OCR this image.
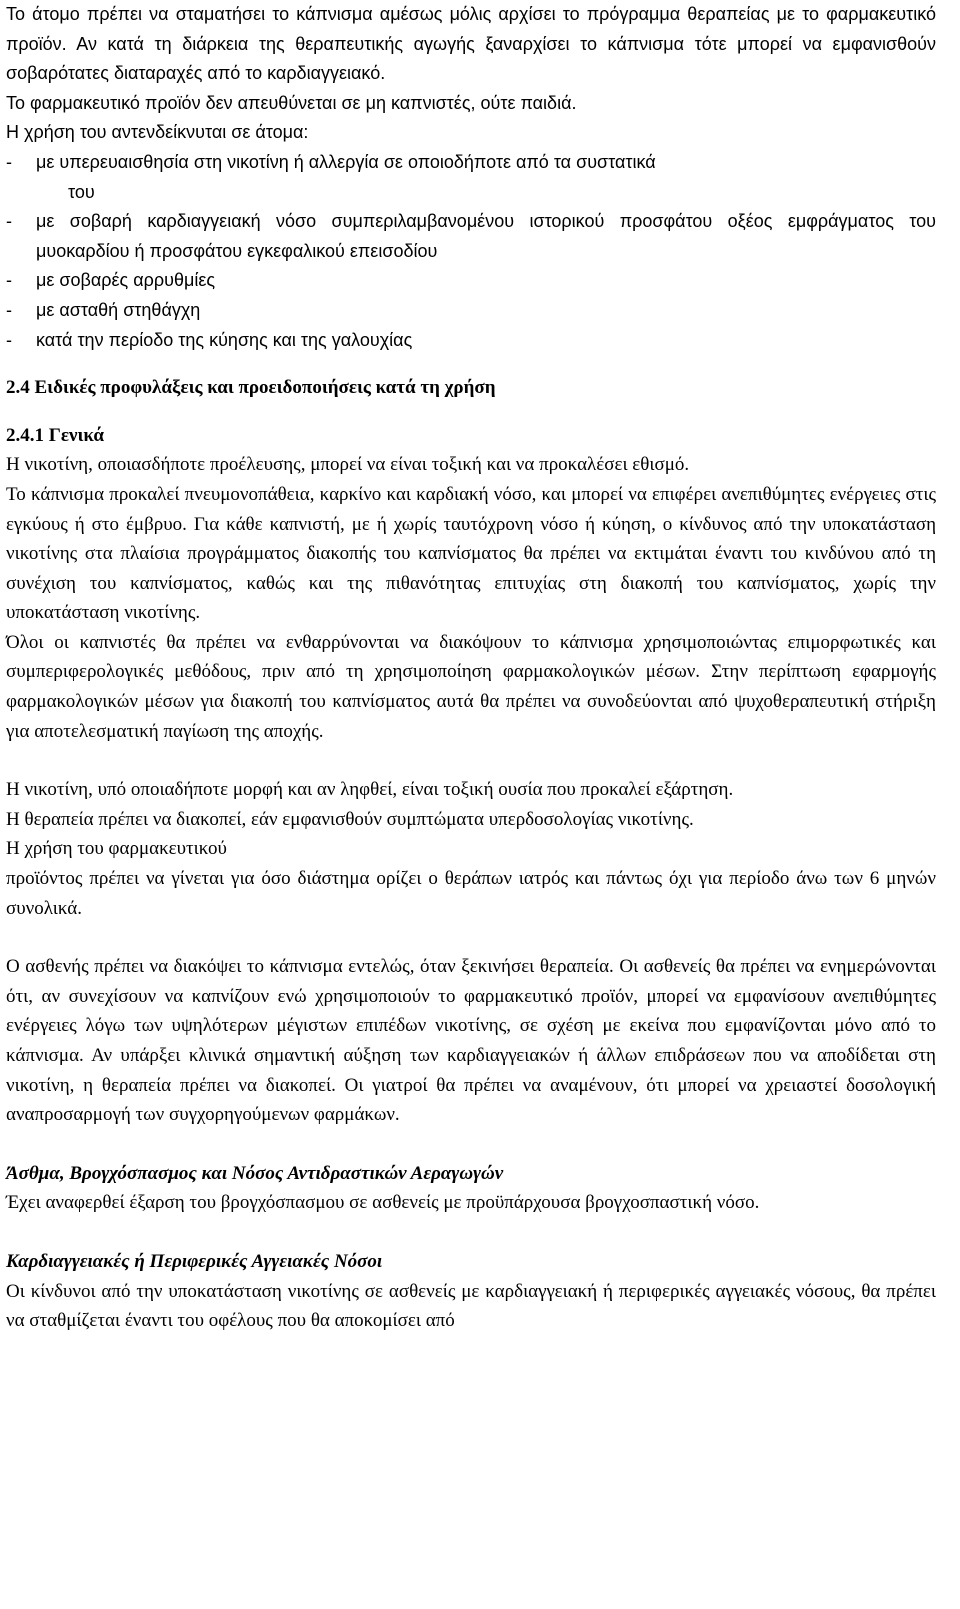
Το άτομο πρέπει να σταματήσει το κάπνισμα αμέσως μόλις αρχίσει το πρόγραμμα θεραπείας με το φαρμακευτικό προϊόν. Αν κατά τη διάρκεια της θεραπευτικής αγωγής ξαναρχίσει το κάπνισμα τότε μπορεί να εμφανισθούν σοβαρότατες διαταραχές από το καρδιαγγειακό.

Το φαρμακευτικό προϊόν δεν απευθύνεται σε μη καπνιστές, ούτε παιδιά.

Η χρήση του αντενδείκνυται σε άτομα:

- με υπερευαισθησία στη νικοτίνη ή αλλεργία σε οποιοδήποτε από τα συστατικά
του
- με σοβαρή καρδιαγγειακή νόσο συμπεριλαμβανομένου ιστορικού προσφάτου οξέος εμφράγματος του μυοκαρδίου ή προσφάτου εγκεφαλικού επεισοδίου
- με σοβαρές αρρυθμίες
- με ασταθή στηθάγχη
- κατά την περίοδο της κύησης και της γαλουχίας

2.4 Ειδικές προφυλάξεις και προειδοποιήσεις κατά τη χρήση

2.4.1 Γενικά

Η νικοτίνη, οποιασδήποτε προέλευσης, μπορεί να είναι τοξική και να προκαλέσει εθισμό.

Το κάπνισμα προκαλεί πνευμονοπάθεια, καρκίνο και καρδιακή νόσο, και μπορεί να επιφέρει ανεπιθύμητες ενέργειες στις εγκύους ή στο έμβρυο. Για κάθε καπνιστή, με ή χωρίς ταυτόχρονη νόσο ή κύηση, ο κίνδυνος από την υποκατάσταση νικοτίνης στα πλαίσια προγράμματος διακοπής του καπνίσματος θα πρέπει να εκτιμάται έναντι του κινδύνου από τη συνέχιση του καπνίσματος, καθώς και της πιθανότητας επιτυχίας στη διακοπή του καπνίσματος, χωρίς την υποκατάσταση νικοτίνης.

Όλοι οι καπνιστές θα πρέπει να ενθαρρύνονται να διακόψουν το κάπνισμα χρησιμοποιώντας επιμορφωτικές και συμπεριφερολογικές μεθόδους, πριν από τη χρησιμοποίηση φαρμακολογικών μέσων. Στην περίπτωση εφαρμογής φαρμακολογικών μέσων για διακοπή του καπνίσματος αυτά θα πρέπει να συνοδεύονται από ψυχοθεραπευτική στήριξη για αποτελεσματική παγίωση της αποχής.

Η νικοτίνη, υπό οποιαδήποτε μορφή και αν ληφθεί, είναι τοξική ουσία που προκαλεί εξάρτηση.

Η θεραπεία πρέπει να διακοπεί, εάν εμφανισθούν συμπτώματα υπερδοσολογίας νικοτίνης.

Η χρήση του φαρμακευτικού

προϊόντος πρέπει να γίνεται για όσο διάστημα ορίζει ο θεράπων ιατρός και πάντως όχι για περίοδο άνω των 6 μηνών συνολικά.

Ο ασθενής πρέπει να διακόψει το κάπνισμα εντελώς, όταν ξεκινήσει θεραπεία. Οι ασθενείς θα πρέπει να ενημερώνονται ότι, αν συνεχίσουν να καπνίζουν ενώ χρησιμοποιούν το φαρμακευτικό προϊόν, μπορεί να εμφανίσουν ανεπιθύμητες ενέργειες λόγω των υψηλότερων μέγιστων επιπέδων νικοτίνης, σε σχέση με εκείνα που εμφανίζονται μόνο από το κάπνισμα. Αν υπάρξει κλινικά σημαντική αύξηση των καρδιαγγειακών ή άλλων επιδράσεων που να αποδίδεται στη νικοτίνη, η θεραπεία πρέπει να διακοπεί. Οι γιατροί θα πρέπει να αναμένουν, ότι μπορεί να χρειαστεί δοσολογική αναπροσαρμογή των συγχορηγούμενων φαρμάκων.

Άσθμα, Βρογχόσπασμος και Νόσος Αντιδραστικών Αεραγωγών

Έχει αναφερθεί έξαρση του βρογχόσπασμου σε ασθενείς με προϋπάρχουσα βρογχοσπαστική νόσο.

Καρδιαγγειακές ή Περιφερικές Αγγειακές Νόσοι

Οι κίνδυνοι από την υποκατάσταση νικοτίνης σε ασθενείς με καρδιαγγειακή ή περιφερικές αγγειακές νόσους, θα πρέπει να σταθμίζεται έναντι του οφέλους που θα αποκομίσει από
